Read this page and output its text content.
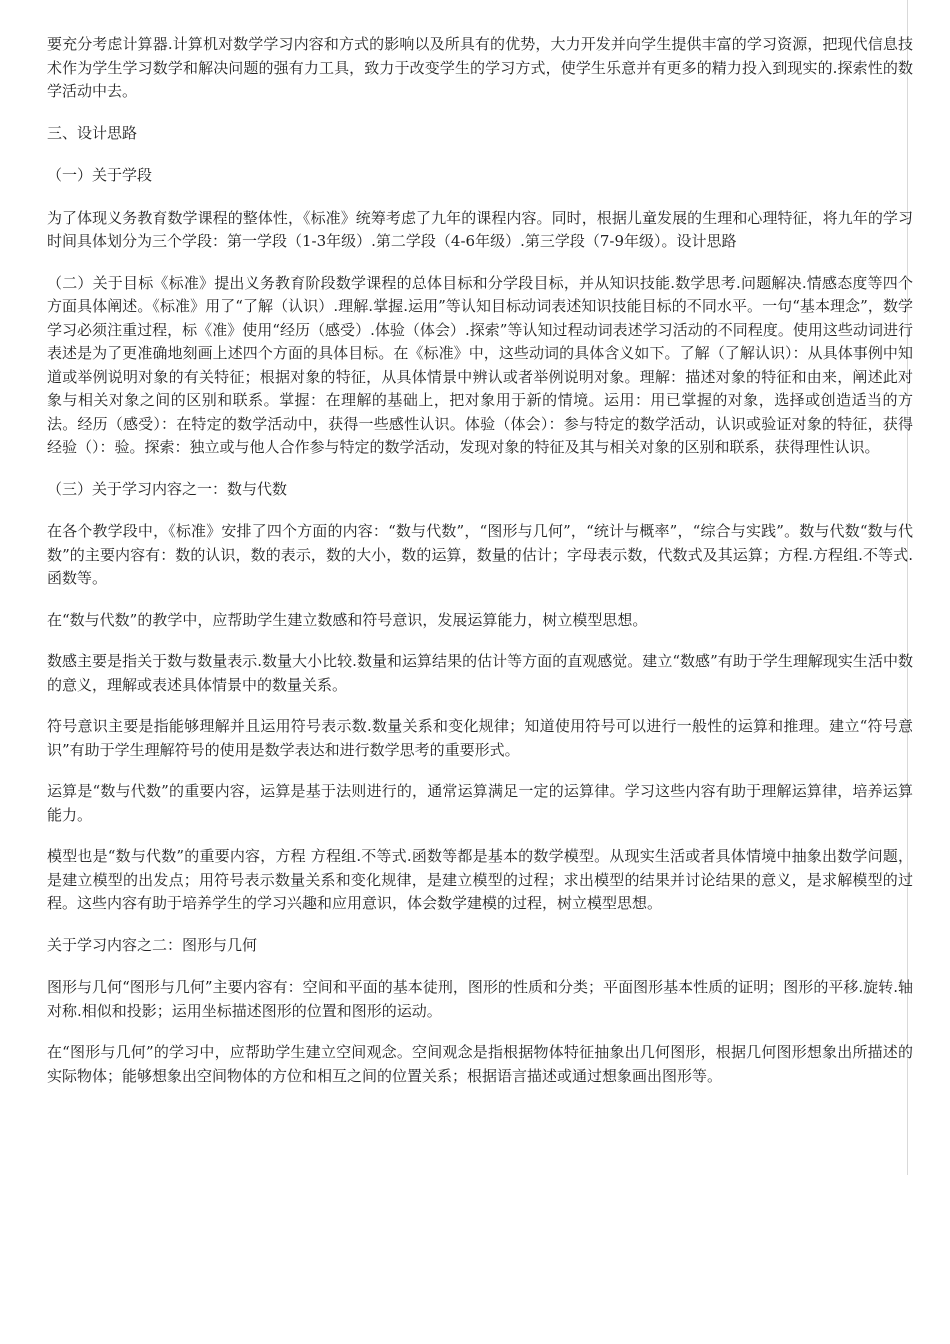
要充分考虑计算器.计算机对数学学习内容和方式的影响以及所具有的优势，大力开发并向学生提供丰富的学习资源，把现代信息技术作为学生学习数学和解决问题的强有力工具，致力于改变学生的学习方式，使学生乐意并有更多的精力投入到现实的.探索性的数学活动中去。

三、设计思路

（一）关于学段

为了体现义务教育数学课程的整体性，《标准》统筹考虑了九年的课程内容。同时，根据儿童发展的生理和心理特征，将九年的学习时间具体划分为三个学段：第一学段（1-3年级）.第二学段（4-6年级）.第三学段（7-9年级）。设计思路

（二）关于目标《标准》提出义务教育阶段数学课程的总体目标和分学段目标，并从知识技能.数学思考.问题解决.情感态度等四个方面具体阐述。《标准》用了“了解（认识）.理解.掌握.运用”等认知目标动词表述知识技能目标的不同水平。一句“基本理念”，数学学习必须注重过程，标《准》使用“经历（感受）.体验（体会）.探索”等认知过程动词表述学习活动的不同程度。使用这些动词进行表述是为了更准确地刻画上述四个方面的具体目标。在《标准》中，这些动词的具体含义如下。了解（了解认识）：从具体事例中知道或举例说明对象的有关特征；根据对象的特征，从具体情景中辨认或者举例说明对象。理解：描述对象的特征和由来，阐述此对象与相关对象之间的区别和联系。掌握：在理解的基础上，把对象用于新的情境。运用：用已掌握的对象，选择或创造适当的方法。经历（感受）：在特定的数学活动中，获得一些感性认识。体验（体会）：参与特定的数学活动，认识或验证对象的特征，获得经验（）：验。探索：独立或与他人合作参与特定的数学活动，发现对象的特征及其与相关对象的区别和联系，获得理性认识。

（三）关于学习内容之一：数与代数

在各个教学段中，《标准》安排了四个方面的内容：“数与代数”，“图形与几何”，“统计与概率”，“综合与实践”。数与代数“数与代数”的主要内容有：数的认识，数的表示，数的大小，数的运算，数量的估计；字母表示数，代数式及其运算；方程.方程组.不等式.函数等。

在“数与代数”的教学中，应帮助学生建立数感和符号意识，发展运算能力，树立模型思想。

数感主要是指关于数与数量表示.数量大小比较.数量和运算结果的估计等方面的直观感觉。建立“数感”有助于学生理解现实生活中数的意义，理解或表述具体情景中的数量关系。

符号意识主要是指能够理解并且运用符号表示数.数量关系和变化规律；知道使用符号可以进行一般性的运算和推理。建立“符号意识”有助于学生理解符号的使用是数学表达和进行数学思考的重要形式。

运算是“数与代数”的重要内容，运算是基于法则进行的，通常运算满足一定的运算律。学习这些内容有助于理解运算律，培养运算能力。

模型也是“数与代数”的重要内容，方程 方程组.不等式.函数等都是基本的数学模型。从现实生活或者具体情境中抽象出数学问题，是建立模型的出发点；用符号表示数量关系和变化规律，是建立模型的过程；求出模型的结果并讨论结果的意义，是求解模型的过程。这些内容有助于培养学生的学习兴趣和应用意识，体会数学建模的过程，树立模型思想。

关于学习内容之二：图形与几何

图形与几何“图形与几何”主要内容有：空间和平面的基本徒刑，图形的性质和分类；平面图形基本性质的证明；图形的平移.旋转.轴对称.相似和投影；运用坐标描述图形的位置和图形的运动。

在“图形与几何”的学习中，应帮助学生建立空间观念。空间观念是指根据物体特征抽象出几何图形，根据几何图形想象出所描述的实际物体；能够想象出空间物体的方位和相互之间的位置关系；根据语言描述或通过想象画出图形等。
